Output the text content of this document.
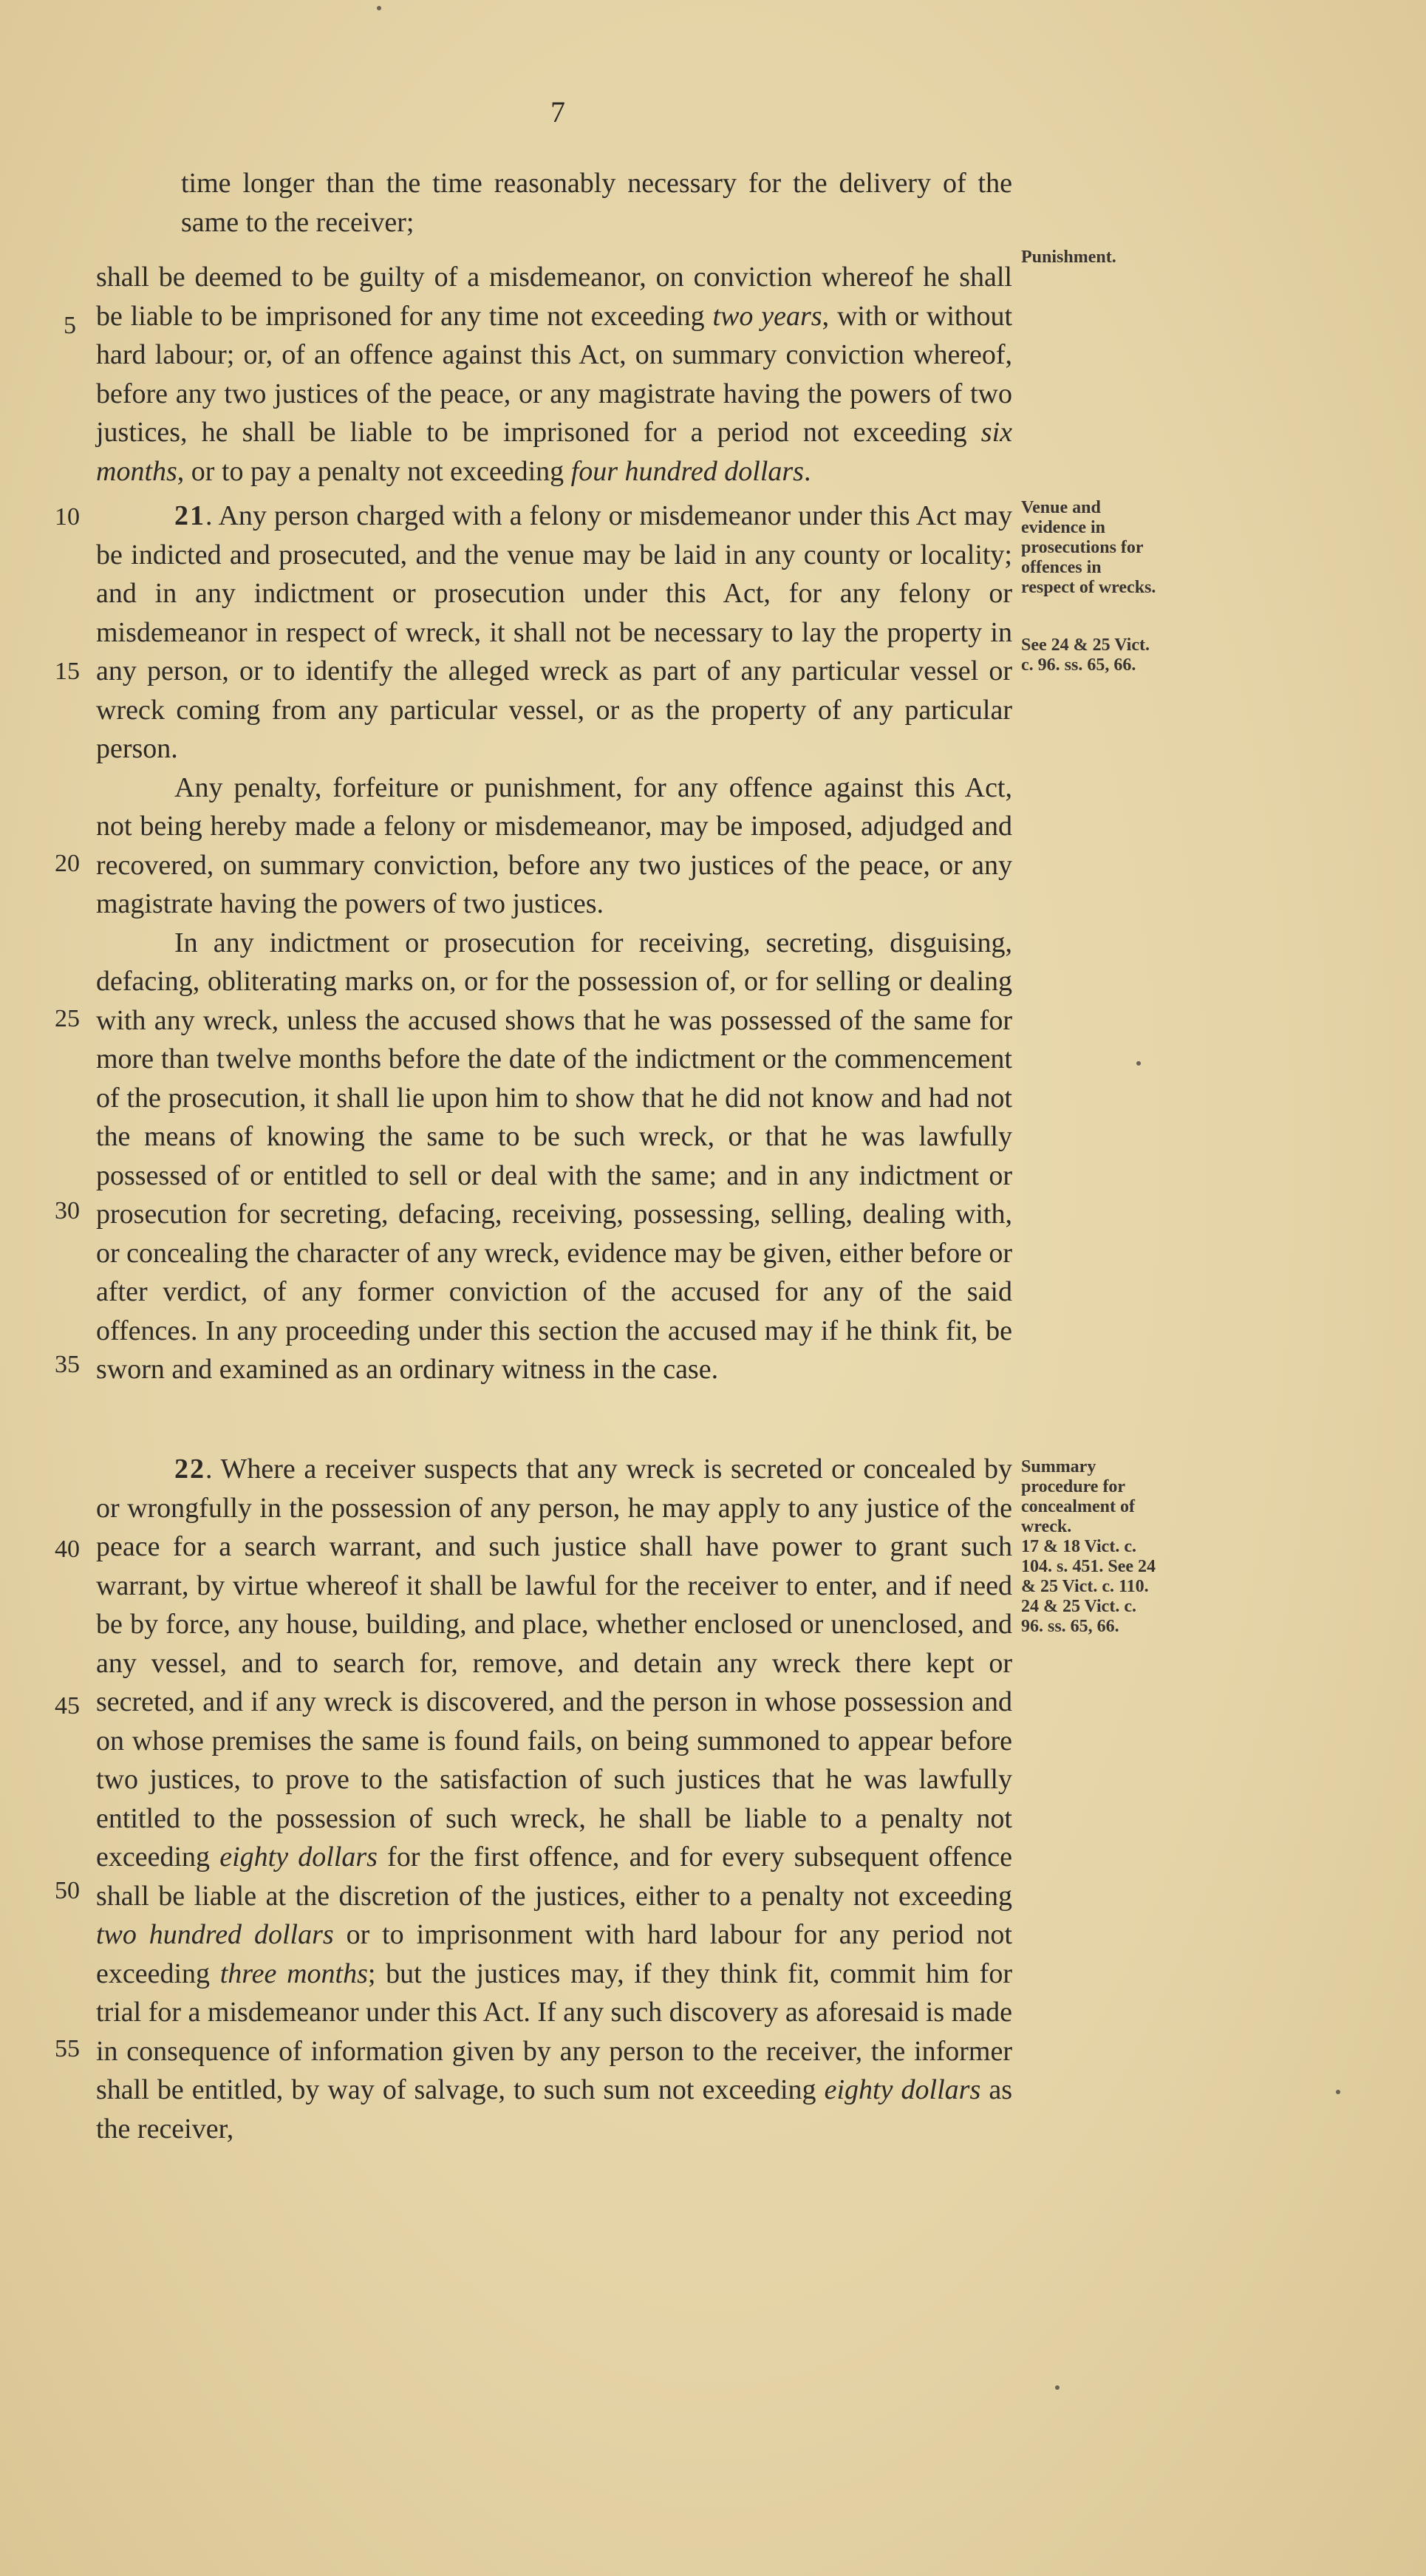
7
5
10
15
20
25
30
35
40
45
50
55
Punishment.
Venue and evidence in prosecutions for offences in respect of wrecks.
See 24 & 25 Vict. c. 96. ss. 65, 66.
Summary procedure for concealment of wreck.
17 & 18 Vict. c. 104. s. 451. See 24 & 25 Vict. c. 110. 24 & 25 Vict. c. 96. ss. 65, 66.

time longer than the time reasonably necessary for the delivery of the same to the receiver;

shall be deemed to be guilty of a misdemeanor, on conviction whereof he shall be liable to be imprisoned for any time not exceeding two years, with or without hard labour; or, of an offence against this Act, on summary conviction whereof, before any two justices of the peace, or any magistrate having the powers of two justices, he shall be liable to be imprisoned for a period not exceeding six months, or to pay a penalty not exceeding four hundred dollars.

21. Any person charged with a felony or misdemeanor under this Act may be indicted and prosecuted, and the venue may be laid in any county or locality; and in any indictment or prosecution under this Act, for any felony or misdemeanor in respect of wreck, it shall not be necessary to lay the property in any person, or to identify the alleged wreck as part of any particular vessel or wreck coming from any particular vessel, or as the property of any particular person.

Any penalty, forfeiture or punishment, for any offence against this Act, not being hereby made a felony or misdemeanor, may be imposed, adjudged and recovered, on summary conviction, before any two justices of the peace, or any magistrate having the powers of two justices.

In any indictment or prosecution for receiving, secreting, disguising, defacing, obliterating marks on, or for the possession of, or for selling or dealing with any wreck, unless the accused shows that he was possessed of the same for more than twelve months before the date of the indictment or the commencement of the prosecution, it shall lie upon him to show that he did not know and had not the means of knowing the same to be such wreck, or that he was lawfully possessed of or entitled to sell or deal with the same; and in any indictment or prosecution for secreting, defacing, receiving, possessing, selling, dealing with, or concealing the character of any wreck, evidence may be given, either before or after verdict, of any former conviction of the accused for any of the said offences. In any proceeding under this section the accused may if he think fit, be sworn and examined as an ordinary witness in the case.

22. Where a receiver suspects that any wreck is secreted or concealed by or wrongfully in the possession of any person, he may apply to any justice of the peace for a search warrant, and such justice shall have power to grant such warrant, by virtue whereof it shall be lawful for the receiver to enter, and if need be by force, any house, building, and place, whether enclosed or unenclosed, and any vessel, and to search for, remove, and detain any wreck there kept or secreted, and if any wreck is discovered, and the person in whose possession and on whose premises the same is found fails, on being summoned to appear before two justices, to prove to the satisfaction of such justices that he was lawfully entitled to the possession of such wreck, he shall be liable to a penalty not exceeding eighty dollars for the first offence, and for every subsequent offence shall be liable at the discretion of the justices, either to a penalty not exceeding two hundred dollars or to imprisonment with hard labour for any period not exceeding three months; but the justices may, if they think fit, commit him for trial for a misdemeanor under this Act. If any such discovery as aforesaid is made in consequence of information given by any person to the receiver, the informer shall be entitled, by way of salvage, to such sum not exceeding eighty dollars as the receiver,
